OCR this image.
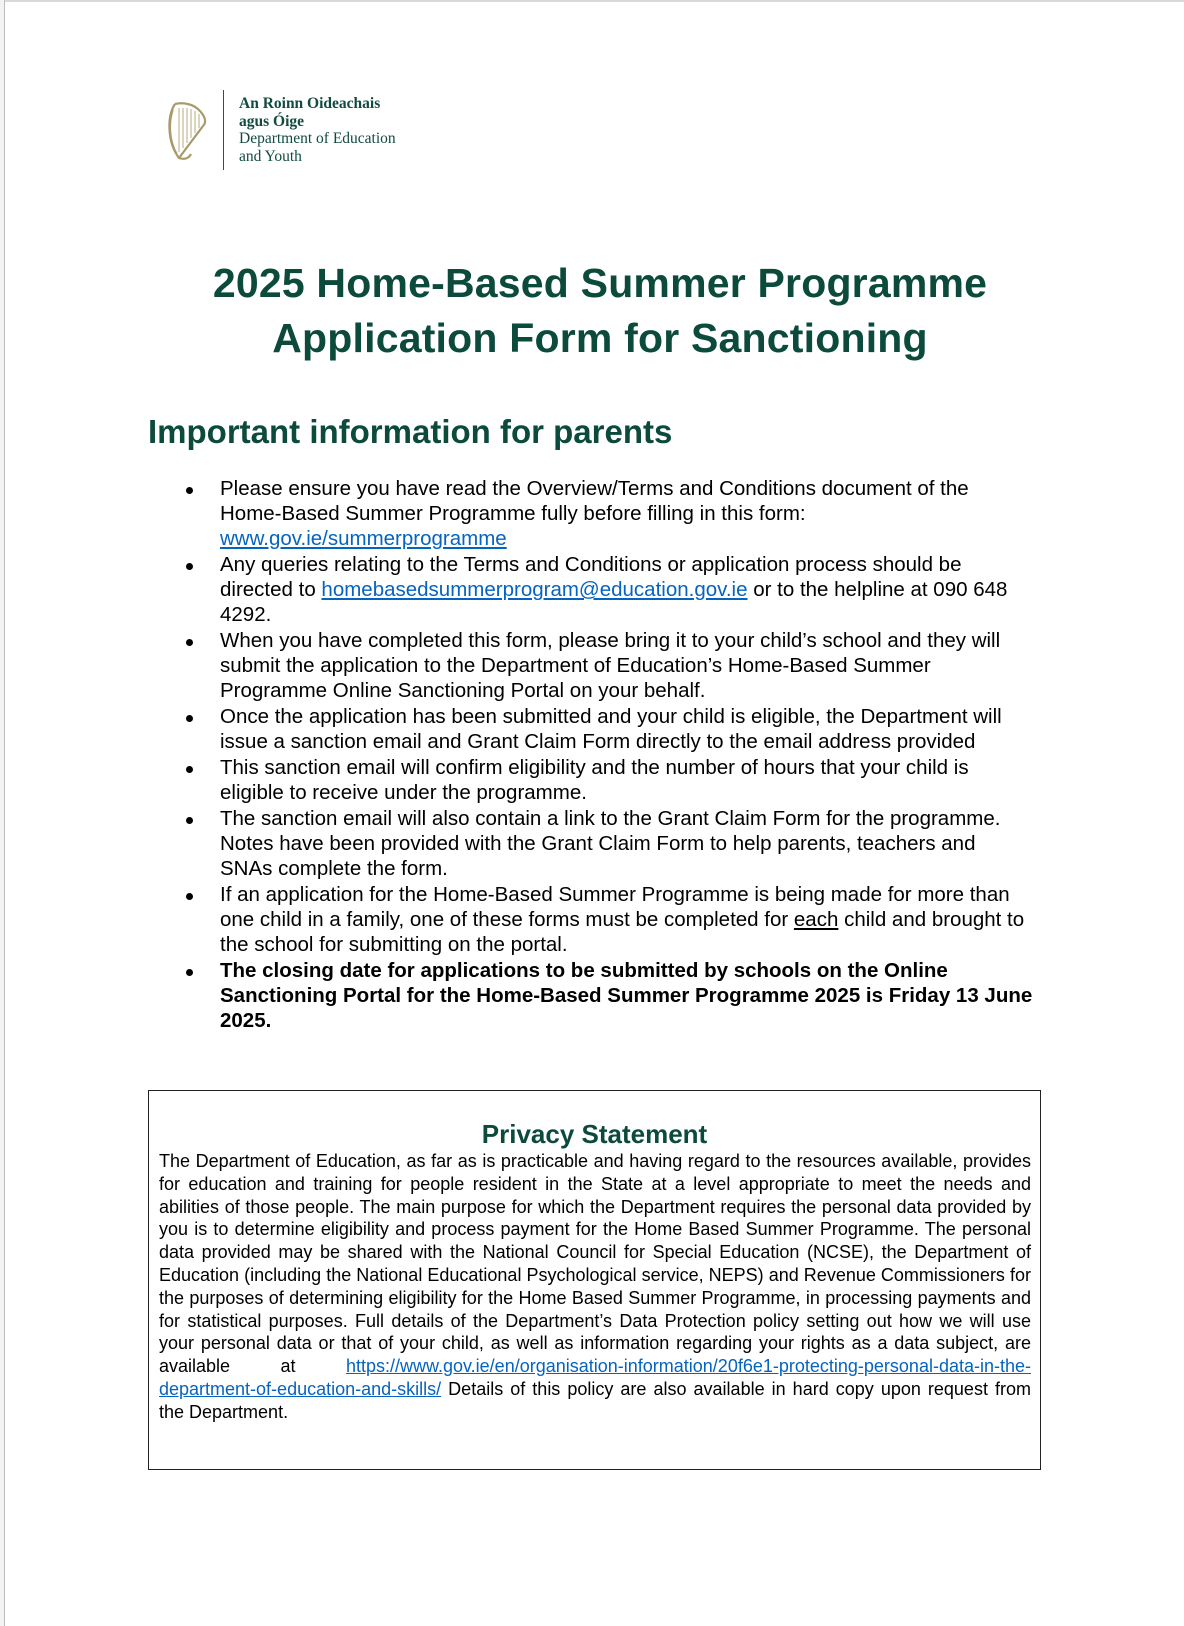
An Roinn Oideachais
agus Óige
Department of Education
and Youth
2025 Home-Based Summer Programme
Application Form for Sanctioning
Important information for parents
Please ensure you have read the Overview/Terms and Conditions document of the Home-Based Summer Programme fully before filling in this form: www.gov.ie/summerprogramme
Any queries relating to the Terms and Conditions or application process should be directed to homebasedsummerprogram@education.gov.ie or to the helpline at 090 648 4292.
When you have completed this form, please bring it to your child’s school and they will submit the application to the Department of Education’s Home-Based Summer Programme Online Sanctioning Portal on your behalf.
Once the application has been submitted and your child is eligible, the Department will issue a sanction email and Grant Claim Form directly to the email address provided
This sanction email will confirm eligibility and the number of hours that your child is eligible to receive under the programme.
The sanction email will also contain a link to the Grant Claim Form for the programme. Notes have been provided with the Grant Claim Form to help parents, teachers and SNAs complete the form.
If an application for the Home-Based Summer Programme is being made for more than one child in a family, one of these forms must be completed for each child and brought to the school for submitting on the portal.
The closing date for applications to be submitted by schools on the Online Sanctioning Portal for the Home-Based Summer Programme 2025 is Friday 13 June 2025.
Privacy Statement
The Department of Education, as far as is practicable and having regard to the resources available, provides for education and training for people resident in the State at a level appropriate to meet the needs and abilities of those people. The main purpose for which the Department requires the personal data provided by you is to determine eligibility and process payment for the Home Based Summer Programme. The personal data provided may be shared with the National Council for Special Education (NCSE), the Department of Education (including the National Educational Psychological service, NEPS) and Revenue Commissioners for the purposes of determining eligibility for the Home Based Summer Programme, in processing payments and for statistical purposes. Full details of the Department’s Data Protection policy setting out how we will use your personal data or that of your child, as well as information regarding your rights as a data subject, are available at https://www.gov.ie/en/organisation-information/20f6e1-protecting-personal-data-in-the-department-of-education-and-skills/ Details of this policy are also available in hard copy upon request from the Department.
